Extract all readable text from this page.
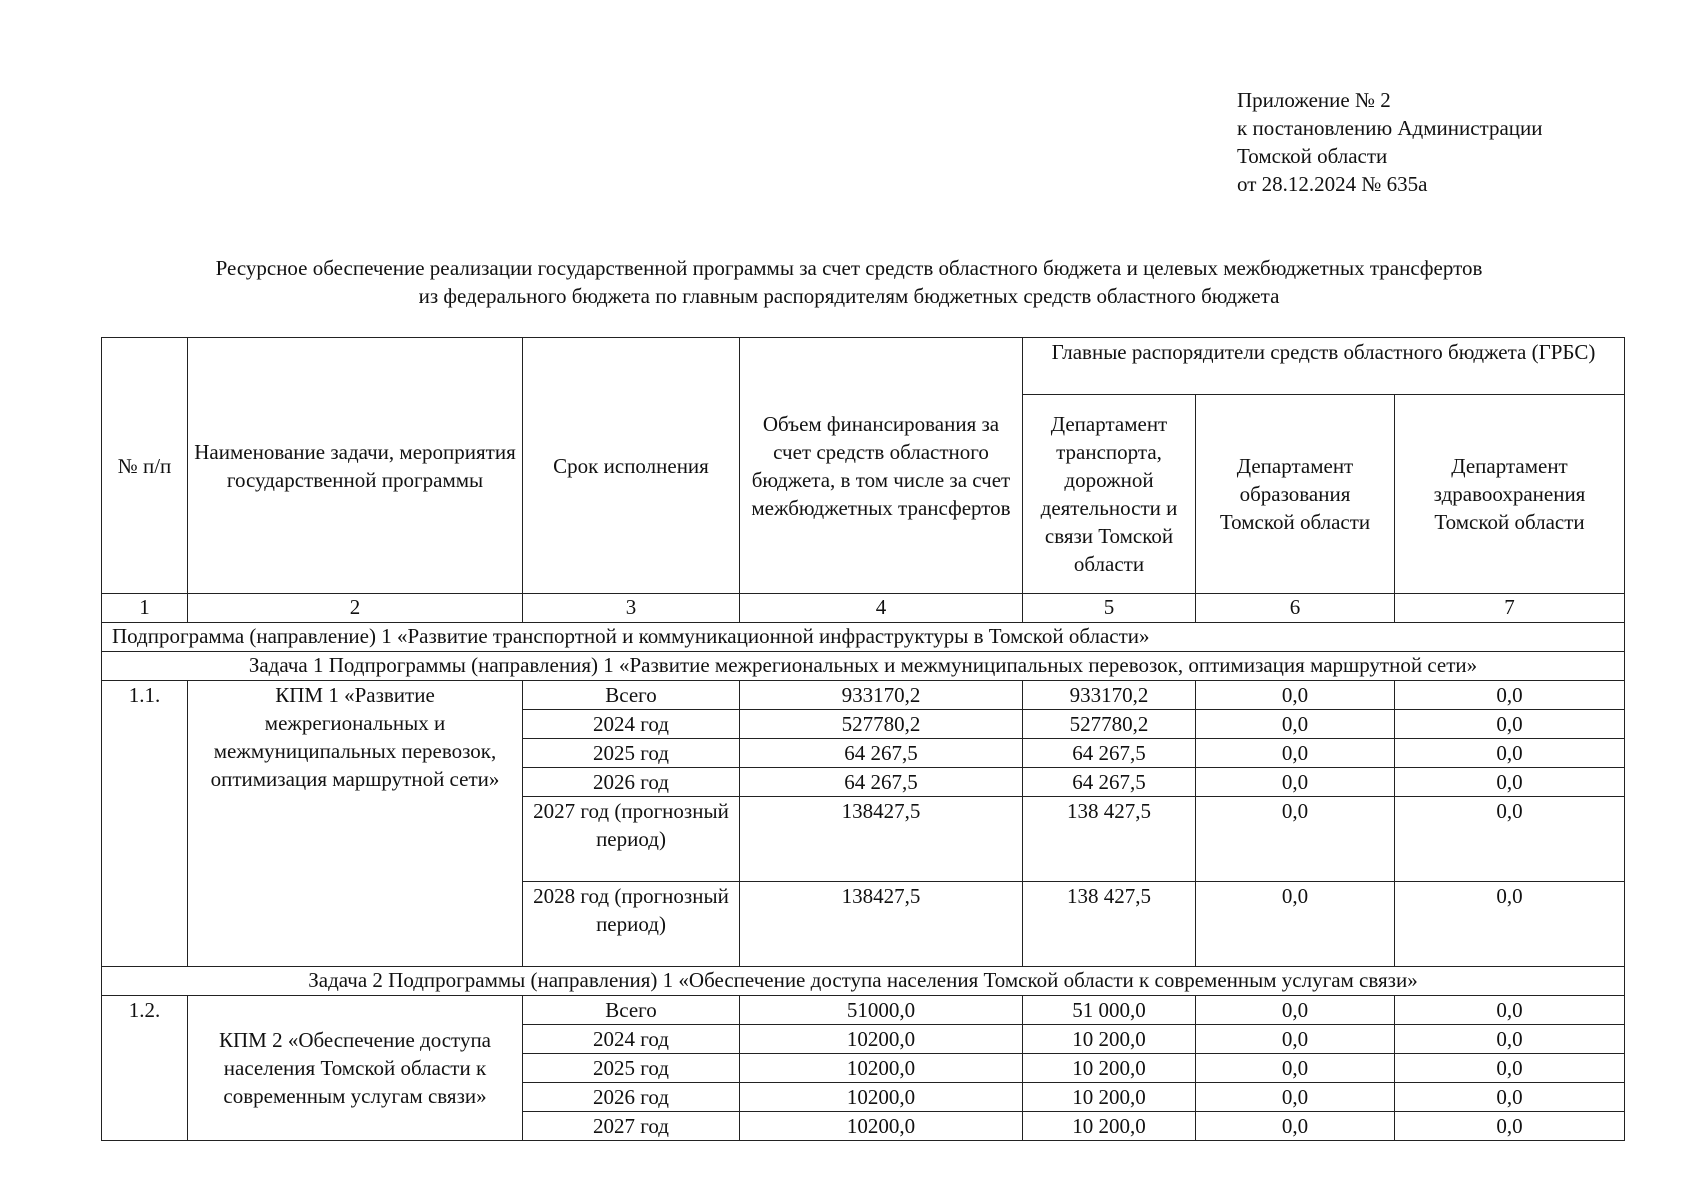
Приложение № 2
к постановлению Администрации
Томской области
от 28.12.2024 № 635а
Ресурсное обеспечение реализации государственной программы за счет средств областного бюджета и целевых межбюджетных трансфертов
из федерального бюджета по главным распорядителям бюджетных средств областного бюджета
№ п/п	Наименование задачи, мероприятия государственной программы	Срок исполнения	Объем финансирования за счет средств областного бюджета, в том числе за счет межбюджетных трансфертов	Главные распорядители средств областного бюджета (ГРБС)		
				Департамент транспорта, дорожной деятельности и связи Томской области	Департамент образования Томской области	Департамент здравоохранения Томской области
1	2	3	4	5	6	7
Подпрограмма (направление) 1 «Развитие транспортной и коммуникационной инфраструктуры в Томской области»						
Задача 1 Подпрограммы (направления) 1 «Развитие межрегиональных и межмуниципальных перевозок, оптимизация маршрутной сети»						
1.1.	КПМ 1 «Развитие межрегиональных и межмуниципальных перевозок, оптимизация маршрутной сети»	Всего	933170,2	933170,2	0,0	0,0
		2024 год	527780,2	527780,2	0,0	0,0
		2025 год	64 267,5	64 267,5	0,0	0,0
		2026 год	64 267,5	64 267,5	0,0	0,0
		2027 год (прогнозный период)	138427,5	138 427,5	0,0	0,0
		2028 год (прогнозный период)	138427,5	138 427,5	0,0	0,0
Задача 2 Подпрограммы (направления) 1 «Обеспечение доступа населения Томской области к современным услугам связи»						
1.2.	КПМ 2 «Обеспечение доступа населения Томской области к современным услугам связи»	Всего	51000,0	51 000,0	0,0	0,0
		2024 год	10200,0	10 200,0	0,0	0,0
		2025 год	10200,0	10 200,0	0,0	0,0
		2026 год	10200,0	10 200,0	0,0	0,0
		2027 год	10200,0	10 200,0	0,0	0,0
